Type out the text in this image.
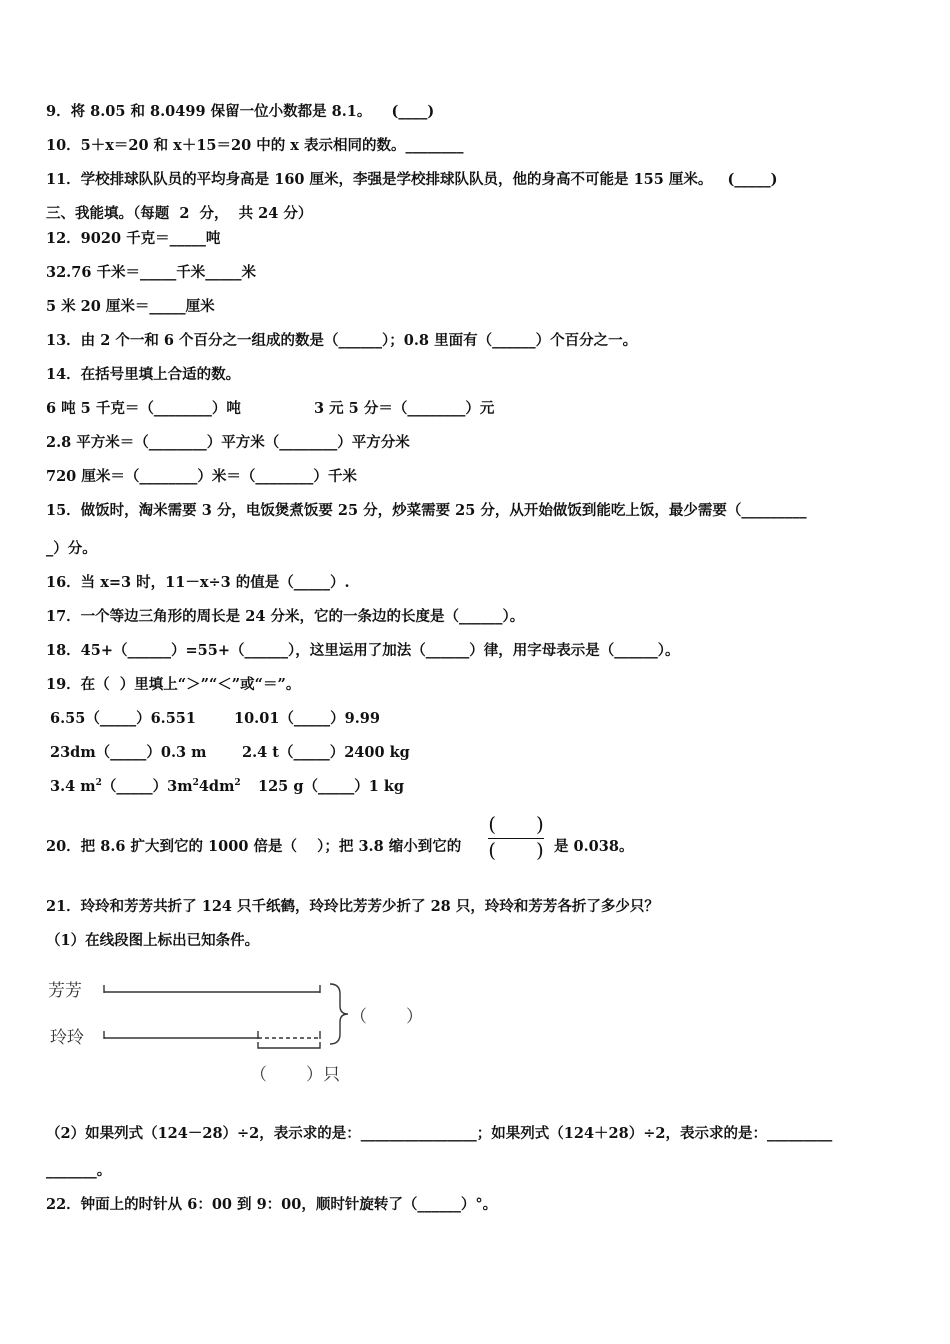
9．将 8.05 和 8.0499 保留一位小数都是 8.1。    (____)
10．5＋x＝20 和 x＋15＝20 中的 x 表示相同的数。________
11．学校排球队队员的平均身高是 160 厘米，李强是学校排球队队员，他的身高不可能是 155 厘米。   (_____)
三、我能填。（每题  2  分，  共 24 分）
12．9020 千克＝_____吨
32.76 千米＝_____千米_____米
5 米 20 厘米＝_____厘米
13．由 2 个一和 6 个百分之一组成的数是（______）；0.8 里面有（______）个百分之一。
14．在括号里填上合适的数。
6 吨 5 千克＝（________）吨	3 元 5 分＝（________）元
2.8 平方米＝（________）平方米（________）平方分米
720 厘米＝（________）米＝（________）千米
15．做饭时，淘米需要 3 分，电饭煲煮饭要 25 分，炒菜需要 25 分，从开始做饭到能吃上饭，最少需要（_________
_）分。
16．当 x=3 时，11－x÷3 的值是（_____）.
17．一个等边三角形的周长是 24 分米，它的一条边的长度是（______）。
18．45+（______）=55+（______），这里运用了加法（______）律，用字母表示是（______）。
19．在（  ）里填上“＞”“＜”或“＝”。
6.55（_____）6.551	10.01（_____）9.99
23dm（_____）0.3 m 2.4 t（_____）2400 kg
3.4 $m^2(\_\_\_\_\_)3m^24dm^2$ 125 g（_____）1 kg
20．把 8.6 扩大到它的 1000 倍是（    ）；把 3.8 缩小到它的
( )
( ) 是 0.038。
21．玲玲和芳芳共折了 124 只千纸鹤，玲玲比芳芳少折了 28 只，玲玲和芳芳各折了多少只？
（1）在线段图上标出已知条件。
芳芳
玲玲
（ ）
（ ）只
（2）如果列式（124－28）÷2，表示求的是：________________；如果列式（124＋28）÷2，表示求的是：_________
_______。
22．钟面上的时针从 6：00 到 9：00，顺时针旋转了（______）°。
